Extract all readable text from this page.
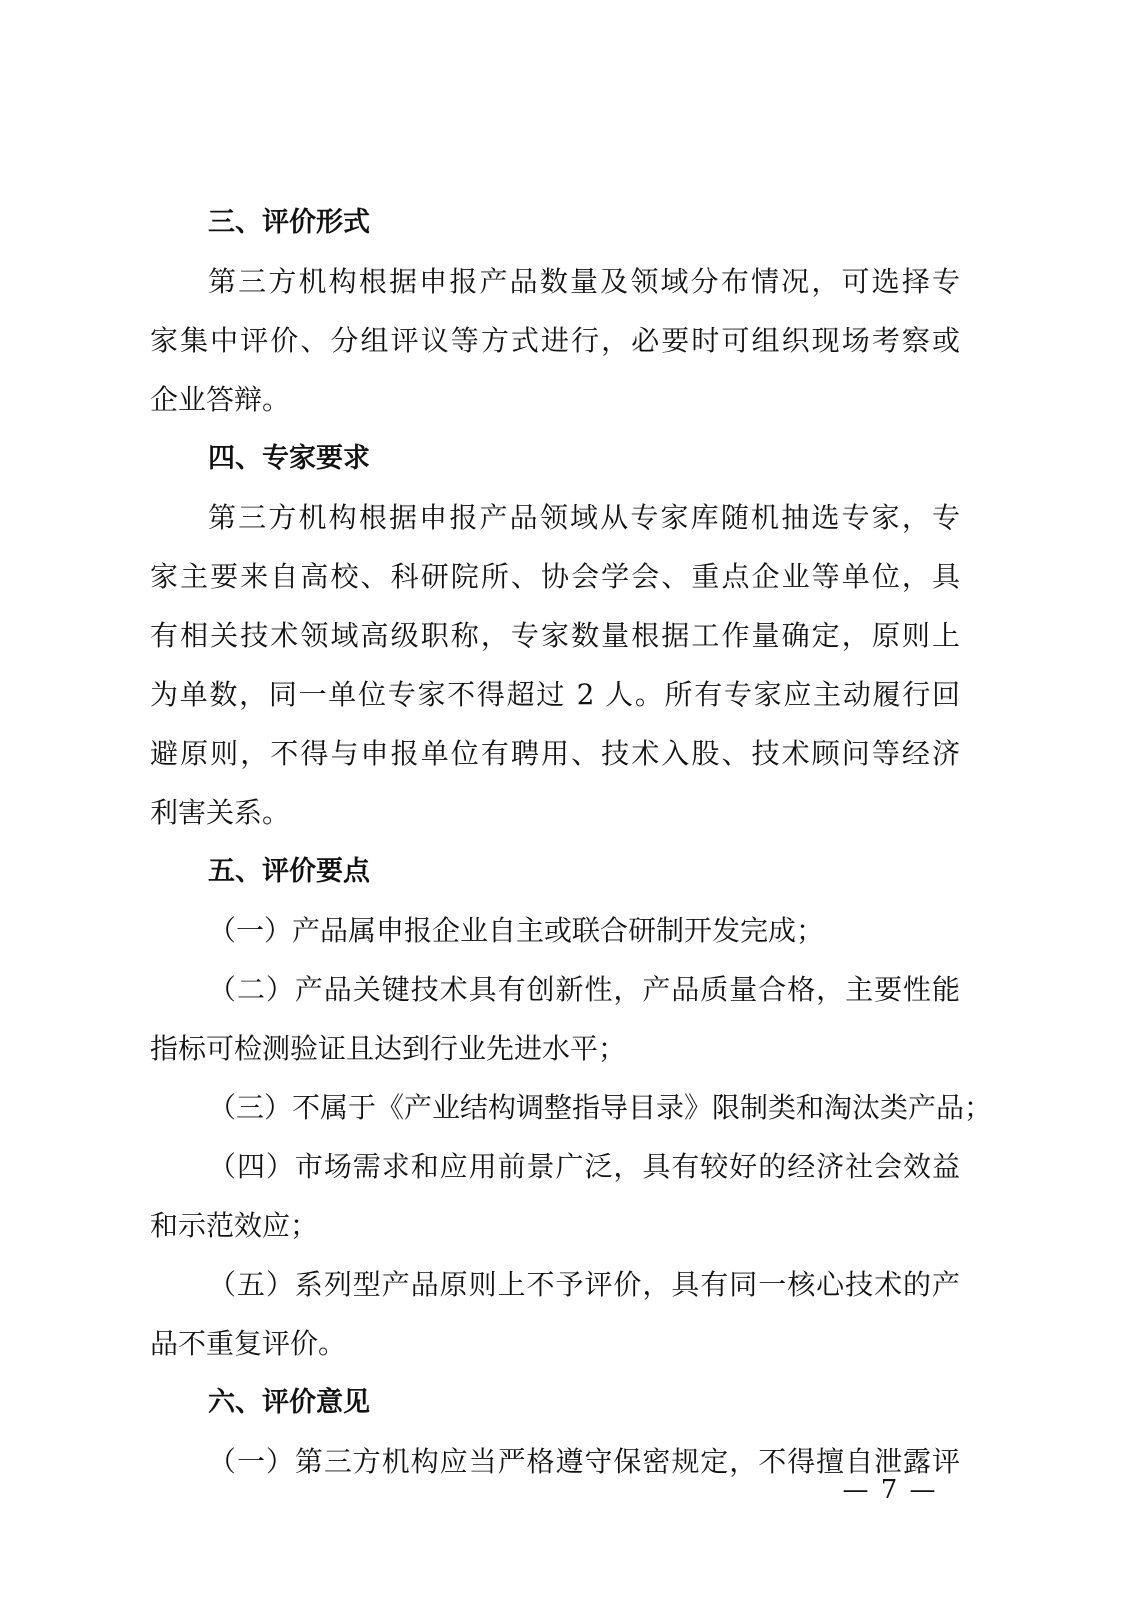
三、评价形式
第三方机构根据申报产品数量及领域分布情况，可选择专
家集中评价、分组评议等方式进行，必要时可组织现场考察或
企业答辩。
四、专家要求
第三方机构根据申报产品领域从专家库随机抽选专家，专
家主要来自高校、科研院所、协会学会、重点企业等单位，具
有相关技术领域高级职称，专家数量根据工作量确定，原则上
为单数，同一单位专家不得超过 2 人。所有专家应主动履行回
避原则，不得与申报单位有聘用、技术入股、技术顾问等经济
利害关系。
五、评价要点
（一）产品属申报企业自主或联合研制开发完成；
（二）产品关键技术具有创新性，产品质量合格，主要性能
指标可检测验证且达到行业先进水平；
（三）不属于《产业结构调整指导目录》限制类和淘汰类产品；
（四）市场需求和应用前景广泛，具有较好的经济社会效益
和示范效应；
（五）系列型产品原则上不予评价，具有同一核心技术的产
品不重复评价。
六、评价意见
（一）第三方机构应当严格遵守保密规定，不得擅自泄露评
— 7 —
